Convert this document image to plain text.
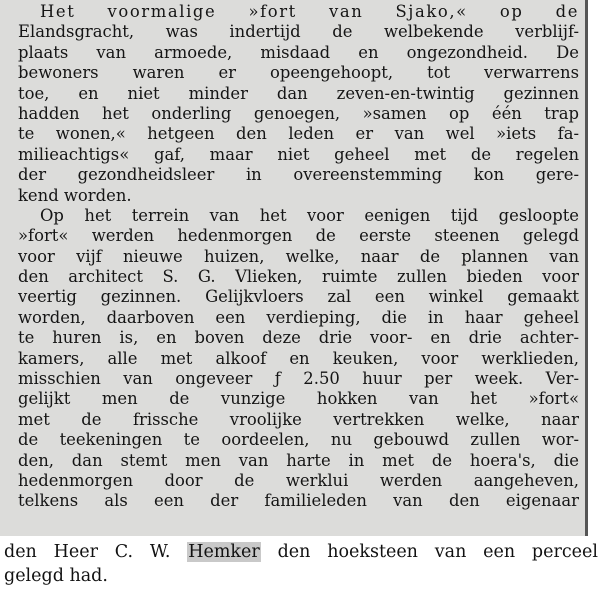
Het voormalige »fort van Sjako,« op de
Elandsgracht, was indertijd de welbekende verblijf-
plaats van armoede, misdaad en ongezondheid. De
bewoners waren er opeengehoopt, tot verwarrens
toe, en niet minder dan zeven-en-twintig gezinnen
hadden het onderling genoegen, »samen op één trap
te wonen,« hetgeen den leden er van wel »iets fa-
milieachtigs« gaf, maar niet geheel met de regelen
der gezondheidsleer in overeenstemming kon gere-
kend worden.
Op het terrein van het voor eenigen tijd gesloopte
»fort« werden hedenmorgen de eerste steenen gelegd
voor vijf nieuwe huizen, welke, naar de plannen van
den architect S. G. Vlieken, ruimte zullen bieden voor
veertig gezinnen. Gelijkvloers zal een winkel gemaakt
worden, daarboven een verdieping, die in haar geheel
te huren is, en boven deze drie voor- en drie achter-
kamers, alle met alkoof en keuken, voor werklieden,
misschien van ongeveer ƒ 2.50 huur per week. Ver-
gelijkt men de vunzige hokken van het »fort«
met de frissche vroolijke vertrekken welke, naar
de teekeningen te oordeelen, nu gebouwd zullen wor-
den, dan stemt men van harte in met de hoera's, die
hedenmorgen door de werklui werden aangeheven,
telkens als een der familieleden van den eigenaar
den Heer C. W. Hemker den hoeksteen van een perceel
gelegd had.
